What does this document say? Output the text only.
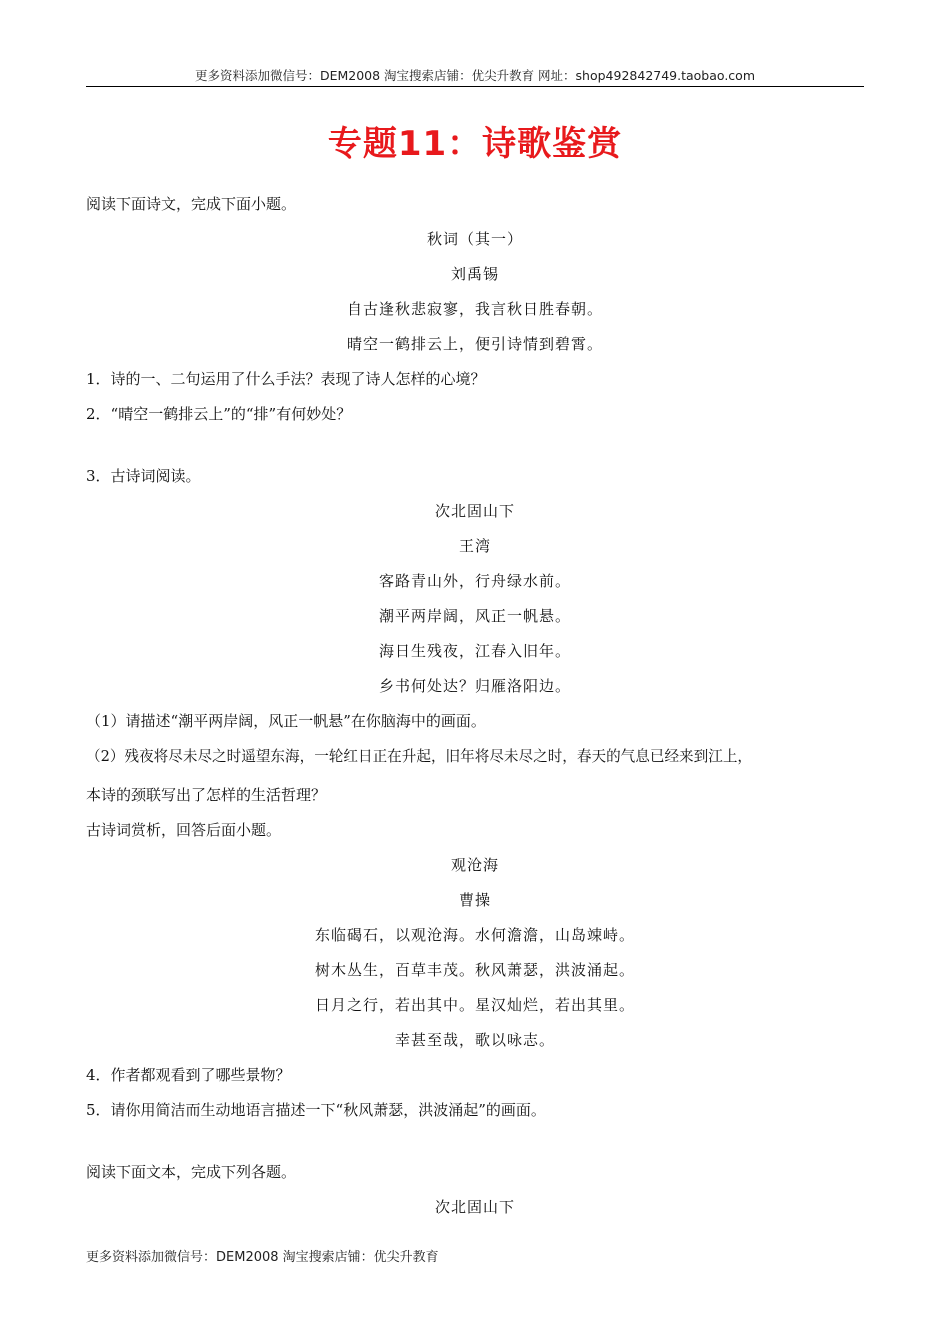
更多资料添加微信号：DEM2008 淘宝搜索店铺：优尖升教育 网址：shop492842749.taobao.com
专题11：诗歌鉴赏
阅读下面诗文，完成下面小题。
秋词（其一）
刘禹锡
自古逢秋悲寂寥，我言秋日胜春朝。
晴空一鹤排云上，便引诗情到碧霄。
1．诗的一、二句运用了什么手法？表现了诗人怎样的心境？
2．“晴空一鹤排云上”的“排”有何妙处？
3．古诗词阅读。
次北固山下
王湾
客路青山外，行舟绿水前。
潮平两岸阔，风正一帆悬。
海日生残夜，江春入旧年。
乡书何处达？归雁洛阳边。
（1）请描述“潮平两岸阔，风正一帆悬”在你脑海中的画面。
（2）残夜将尽未尽之时遥望东海，一轮红日正在升起，旧年将尽未尽之时，春天的气息已经来到江上，
本诗的颈联写出了怎样的生活哲理？
古诗词赏析，回答后面小题。
观沧海
曹操
东临碣石，以观沧海。水何澹澹，山岛竦峙。
树木丛生，百草丰茂。秋风萧瑟，洪波涌起。
日月之行，若出其中。星汉灿烂，若出其里。
幸甚至哉，歌以咏志。
4．作者都观看到了哪些景物？
5．请你用简洁而生动地语言描述一下“秋风萧瑟，洪波涌起”的画面。
阅读下面文本，完成下列各题。
次北固山下
更多资料添加微信号：DEM2008 淘宝搜索店铺：优尖升教育
